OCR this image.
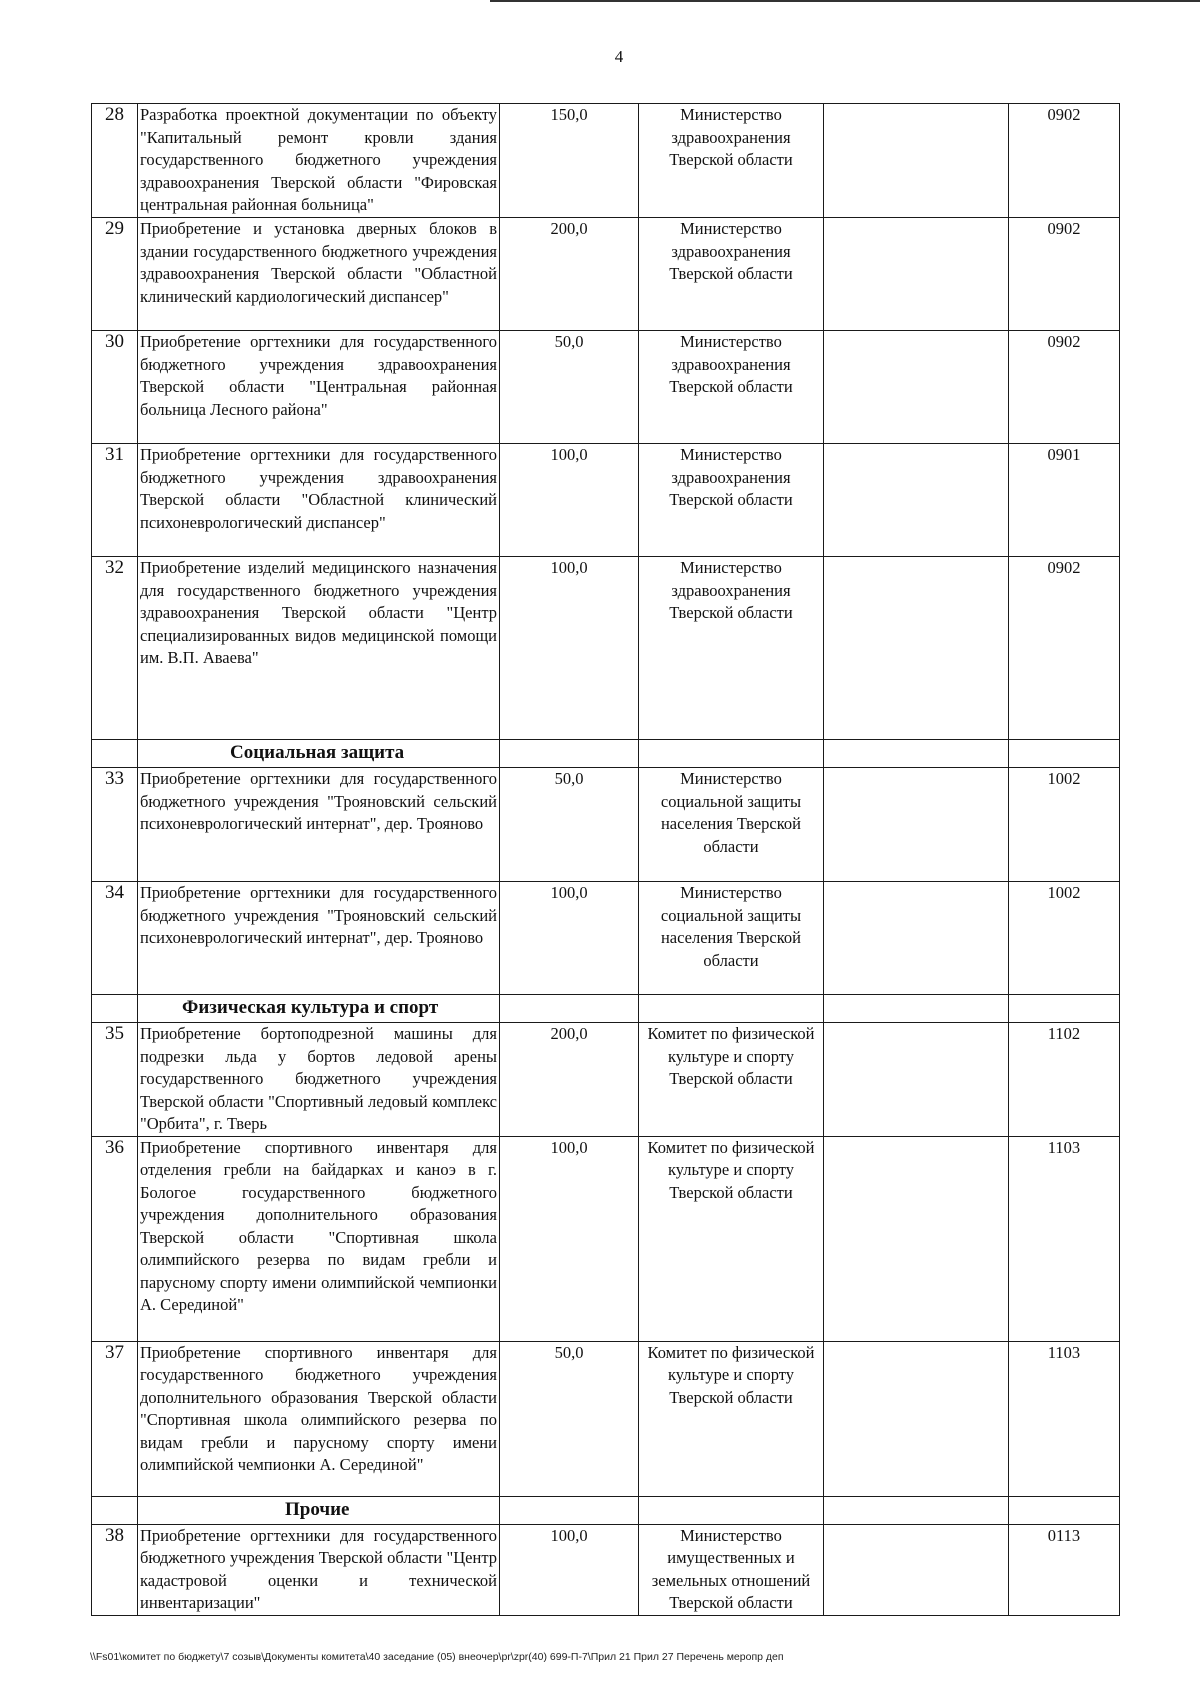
4
28	Разработка проектной документации по объекту "Капитальный ремонт кровли здания государственного бюджетного учреждения здравоохранения Тверской области "Фировская центральная районная больница"	150,0	Министерство здравоохранения Тверской области		0902
29	Приобретение и установка дверных блоков в здании государственного бюджетного учреждения здравоохранения Тверской области "Областной клинический кардиологический диспансер"	200,0	Министерство здравоохранения Тверской области		0902
30	Приобретение оргтехники для государственного бюджетного учреждения здравоохранения Тверской области "Центральная районная больница Лесного района"	50,0	Министерство здравоохранения Тверской области		0902
31	Приобретение оргтехники для государственного бюджетного учреждения здравоохранения Тверской области "Областной клинический психоневрологический диспансер"	100,0	Министерство здравоохранения Тверской области		0901
32	Приобретение изделий медицинского назначения для государственного бюджетного учреждения здравоохранения Тверской области "Центр специализированных видов медицинской помощи им. В.П. Аваева"	100,0	Министерство здравоохранения Тверской области		0902
	Социальная защита				
33	Приобретение оргтехники для государственного бюджетного учреждения "Трояновский сельский психоневрологический интернат", дер. Трояново	50,0	Министерство социальной защиты населения Тверской области		1002
34	Приобретение оргтехники для государственного бюджетного учреждения "Трояновский сельский психоневрологический интернат", дер. Трояново	100,0	Министерство социальной защиты населения Тверской области		1002
	Физическая культура и спорт				
35	Приобретение бортоподрезной машины для подрезки льда у бортов ледовой арены государственного бюджетного учреждения Тверской области "Спортивный ледовый комплекс "Орбита", г. Тверь	200,0	Комитет по физической культуре и спорту Тверской области		1102
36	Приобретение спортивного инвентаря для отделения гребли на байдарках и каноэ в г. Бологое государственного бюджетного учреждения дополнительного образования Тверской области "Спортивная школа олимпийского резерва по видам гребли и парусному спорту имени олимпийской чемпионки А. Серединой"	100,0	Комитет по физической культуре и спорту Тверской области		1103
37	Приобретение спортивного инвентаря для государственного бюджетного учреждения дополнительного образования Тверской области "Спортивная школа олимпийского резерва по видам гребли и парусному спорту имени олимпийской чемпионки А. Серединой"	50,0	Комитет по физической культуре и спорту Тверской области		1103
	Прочие				
38	Приобретение оргтехники для государственного бюджетного учреждения Тверской области "Центр кадастровой оценки и технической инвентаризации"	100,0	Министерство имущественных и земельных отношений Тверской области		0113
\\Fs01\комитет по бюджету\7 созыв\Документы комитета\40 заседание (05) внеочер\pr\zpr(40) 699-П-7\Прил 21 Прил 27 Перечень меропр деп
